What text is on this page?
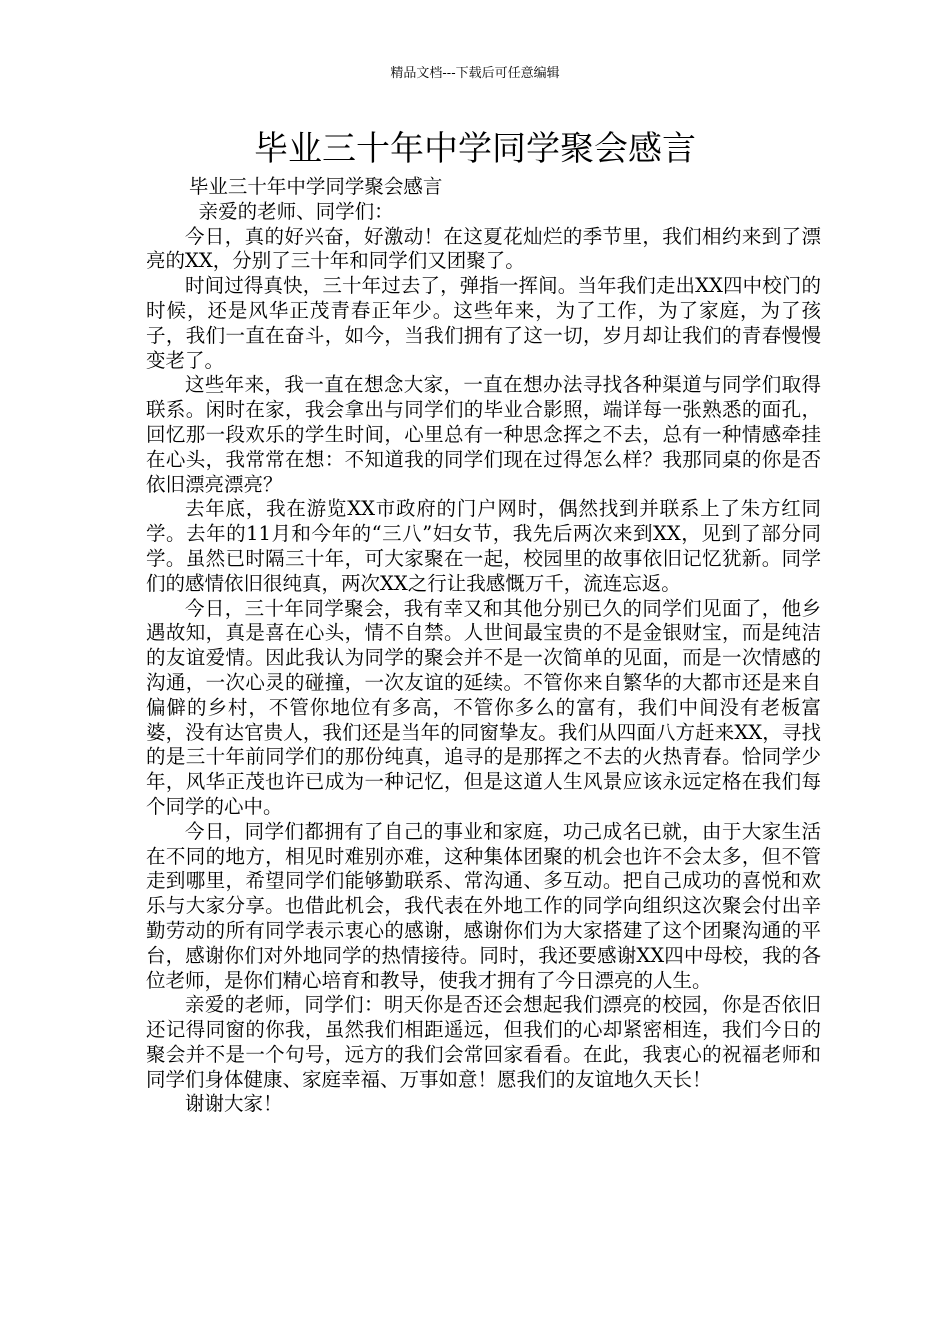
精品文档---下载后可任意编辑
毕业三十年中学同学聚会感言

毕业三十年中学同学聚会感言

亲爱的老师、同学们：

今日，真的好兴奋，好激动！在这夏花灿烂的季节里，我们相约来到了漂亮的XX，分别了三十年和同学们又团聚了。

时间过得真快，三十年过去了，弹指一挥间。当年我们走出XX四中校门的时候，还是风华正茂青春正年少。这些年来，为了工作，为了家庭，为了孩子，我们一直在奋斗，如今，当我们拥有了这一切，岁月却让我们的青春慢慢变老了。

这些年来，我一直在想念大家，一直在想办法寻找各种渠道与同学们取得联系。闲时在家，我会拿出与同学们的毕业合影照，端详每一张熟悉的面孔，回忆那一段欢乐的学生时间，心里总有一种思念挥之不去，总有一种情感牵挂在心头，我常常在想：不知道我的同学们现在过得怎么样？我那同桌的你是否依旧漂亮漂亮？

去年底，我在游览XX市政府的门户网时，偶然找到并联系上了朱方红同学。去年的11月和今年的“三八”妇女节，我先后两次来到XX，见到了部分同学。虽然已时隔三十年，可大家聚在一起，校园里的故事依旧记忆犹新。同学们的感情依旧很纯真，两次XX之行让我感慨万千，流连忘返。

今日，三十年同学聚会，我有幸又和其他分别已久的同学们见面了，他乡遇故知，真是喜在心头，情不自禁。人世间最宝贵的不是金银财宝，而是纯洁的友谊爱情。因此我认为同学的聚会并不是一次简单的见面，而是一次情感的沟通，一次心灵的碰撞，一次友谊的延续。不管你来自繁华的大都市还是来自偏僻的乡村，不管你地位有多高，不管你多么的富有，我们中间没有老板富婆，没有达官贵人，我们还是当年的同窗挚友。我们从四面八方赶来XX，寻找的是三十年前同学们的那份纯真，追寻的是那挥之不去的火热青春。恰同学少年，风华正茂也许已成为一种记忆，但是这道人生风景应该永远定格在我们每个同学的心中。

今日，同学们都拥有了自己的事业和家庭，功己成名已就，由于大家生活在不同的地方，相见时难别亦难，这种集体团聚的机会也许不会太多，但不管走到哪里，希望同学们能够勤联系、常沟通、多互动。把自己成功的喜悦和欢乐与大家分享。也借此机会，我代表在外地工作的同学向组织这次聚会付出辛勤劳动的所有同学表示衷心的感谢，感谢你们为大家搭建了这个团聚沟通的平台，感谢你们对外地同学的热情接待。同时，我还要感谢XX四中母校，我的各位老师，是你们精心培育和教导，使我才拥有了今日漂亮的人生。

亲爱的老师，同学们：明天你是否还会想起我们漂亮的校园，你是否依旧还记得同窗的你我，虽然我们相距遥远，但我们的心却紧密相连，我们今日的聚会并不是一个句号，远方的我们会常回家看看。在此，我衷心的祝福老师和同学们身体健康、家庭幸福、万事如意！愿我们的友谊地久天长！

谢谢大家！
